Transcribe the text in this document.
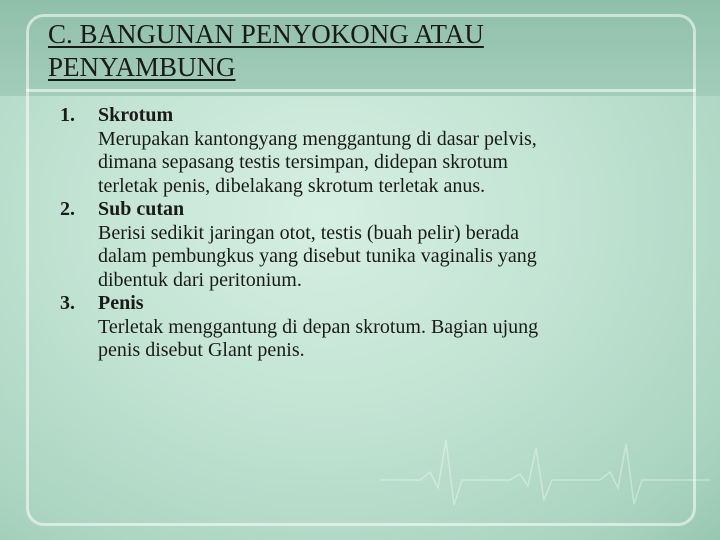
C. BANGUNAN PENYOKONG ATAU PENYAMBUNG
1.	Skrotum
Merupakan kantongyang menggantung di dasar pelvis,
dimana sepasang testis tersimpan, didepan skrotum
terletak penis, dibelakang skrotum terletak anus.
2.	Sub cutan
Berisi sedikit jaringan otot, testis (buah pelir) berada
dalam pembungkus yang disebut tunika vaginalis yang
dibentuk dari peritonium.
3.	Penis
Terletak menggantung di depan skrotum. Bagian ujung
penis disebut Glant penis.
